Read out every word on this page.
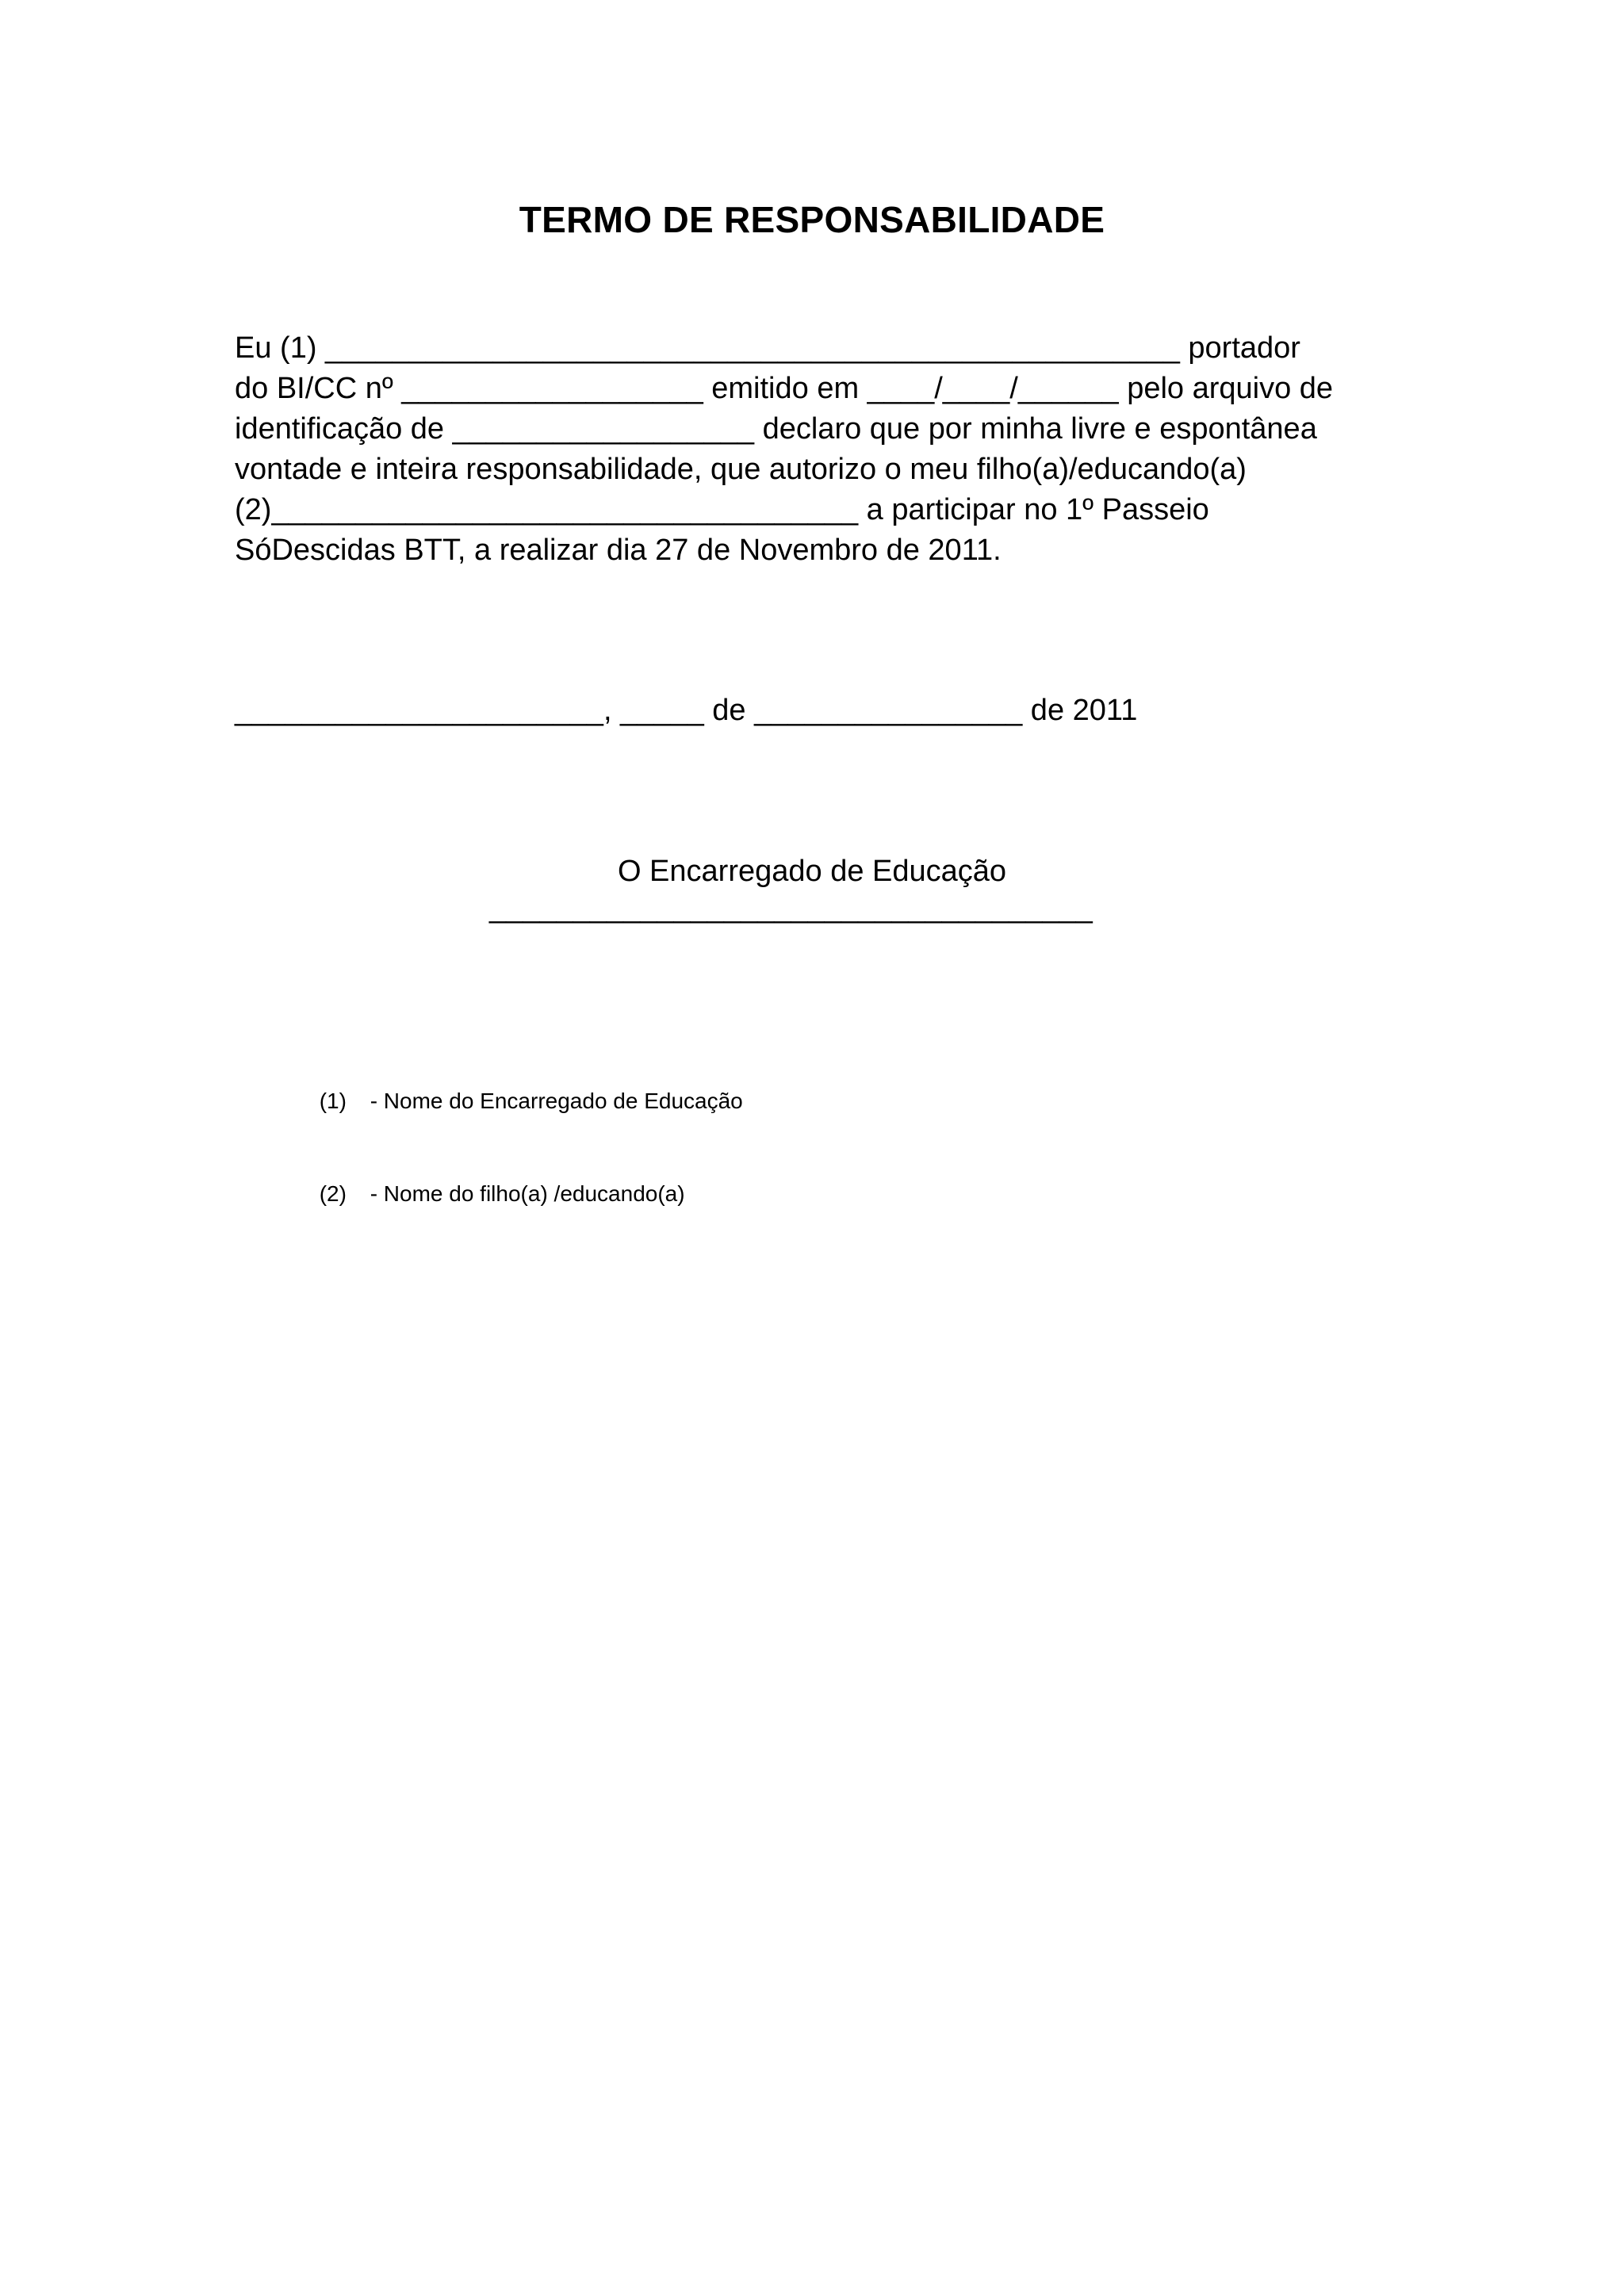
TERMO DE RESPONSABILIDADE

Eu (1) ___________________________________________________ portador

do BI/CC nº __________________ emitido em ____/____/______ pelo arquivo de

identificação de __________________ declaro que por minha livre e espontânea

vontade e inteira responsabilidade, que autorizo o meu filho(a)/educando(a)

(2)___________________________________ a participar no 1º Passeio

SóDescidas BTT, a realizar dia 27 de Novembro de 2011.

______________________, _____ de ________________ de 2011
O Encarregado de Educação
____________________________________

(1) - Nome do Encarregado de Educação

(2) - Nome do filho(a) /educando(a)
